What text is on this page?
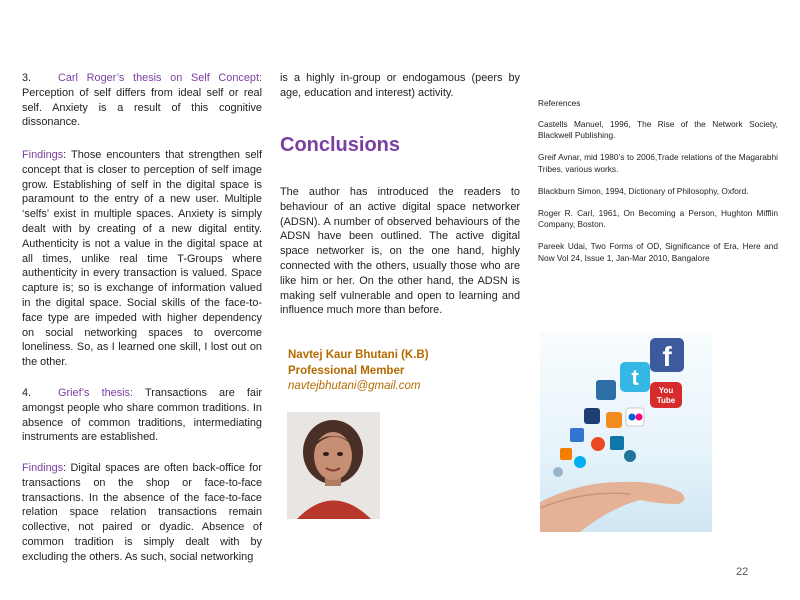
3. Carl Roger’s thesis on Self Concept: Perception of self differs from ideal self or real self. Anxiety is a result of this cognitive dissonance.

Findings: Those encounters that strengthen self concept that is closer to perception of self image grow. Establishing of self in the digital space is paramount to the entry of a new user. Multiple ‘selfs’ exist in multiple spaces. Anxiety is simply dealt with by creating of a new digital entity. Authenticity is not a value in the digital space at all times, unlike real time T-Groups where authenticity in every transaction is valued. Space capture is; so is exchange of information valued in the digital space. Social skills of the face-to-face type are impeded with higher dependency on social networking spaces to overcome loneliness. So, as I learned one skill, I lost out on the other.

4. Grief’s thesis: Transactions are fair amongst people who share common traditions. In absence of common traditions, intermediating instruments are established.

Findings: Digital spaces are often back-office for transactions on the shop or face-to-face transactions. In the absence of the face-to-face relation space relation transactions remain collective, not paired or dyadic. Absence of common tradition is simply dealt with by excluding the others. As such, social networking

is a highly in-group or endogamous (peers by age, education and interest) activity.

The author has introduced the readers to behaviour of an active digital space networker (ADSN). A number of observed behaviours of the ADSN have been outlined. The active digital space networker is, on the one hand, highly connected with the others, usually those who are like him or her. On the other hand, the ADSN is making self vulnerable and open to learning and influence much more than before.

Conclusions
Navtej Kaur Bhutani (K.B)
Professional Member
navtejbhutani@gmail.com

References

Castells Manuel, 1996, The Rise of the Network Society, Blackwell Publishing.

Greif Avnar, mid 1980’s to 2006,Trade relations of the Magarabhi Tribes, various works.

Blackburn Simon, 1994, Dictionary of Philosophy, Oxford.

Roger R. Carl, 1961, On Becoming a Person, Hughton Mifflin Company, Boston.

Pareek Udai, Two Forms of OD, Significance of Era, Here and Now Vol 24, Issue 1, Jan-Mar 2010, Bangalore

f
t
You
Tube
22
